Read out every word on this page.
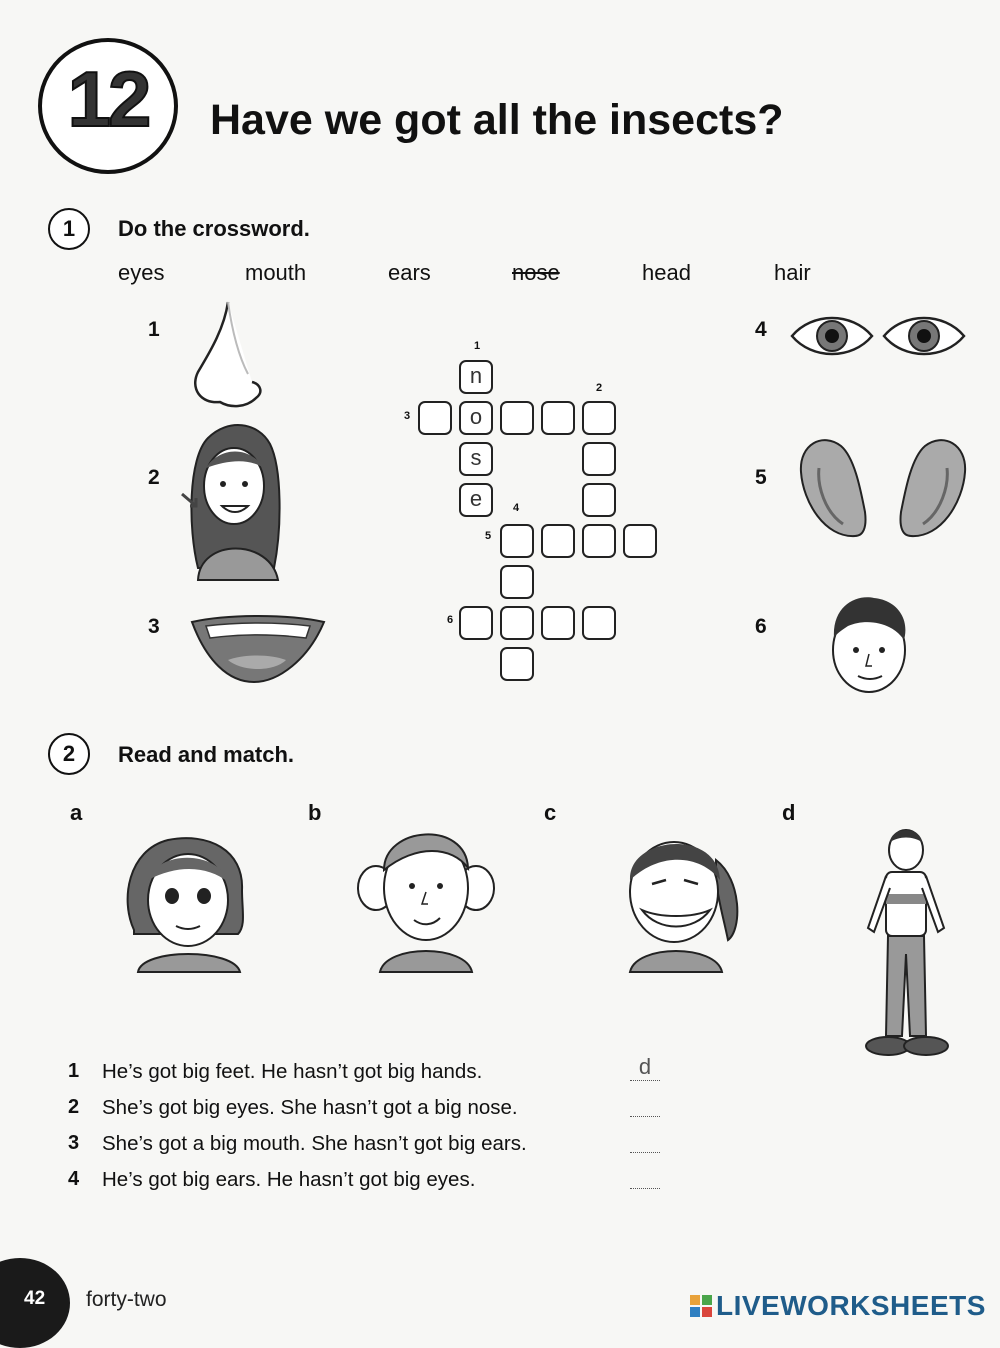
12	Have we got all the insects?
1	Do the crossword.
eyes	mouth	ears	nose	head	hair
1
2
3
4
5
6
1
2
3
4
5
6
n
o
s
e
2	Read and match.
a	b	c	d
1 He’s got big feet. He hasn’t got big hands.	d
2 She’s got big eyes. She hasn’t got a big nose.
3 She’s got a big mouth. She hasn’t got big ears.
4 He’s got big ears. He hasn’t got big eyes.
42 forty-two	LIVEWORKSHEETS
